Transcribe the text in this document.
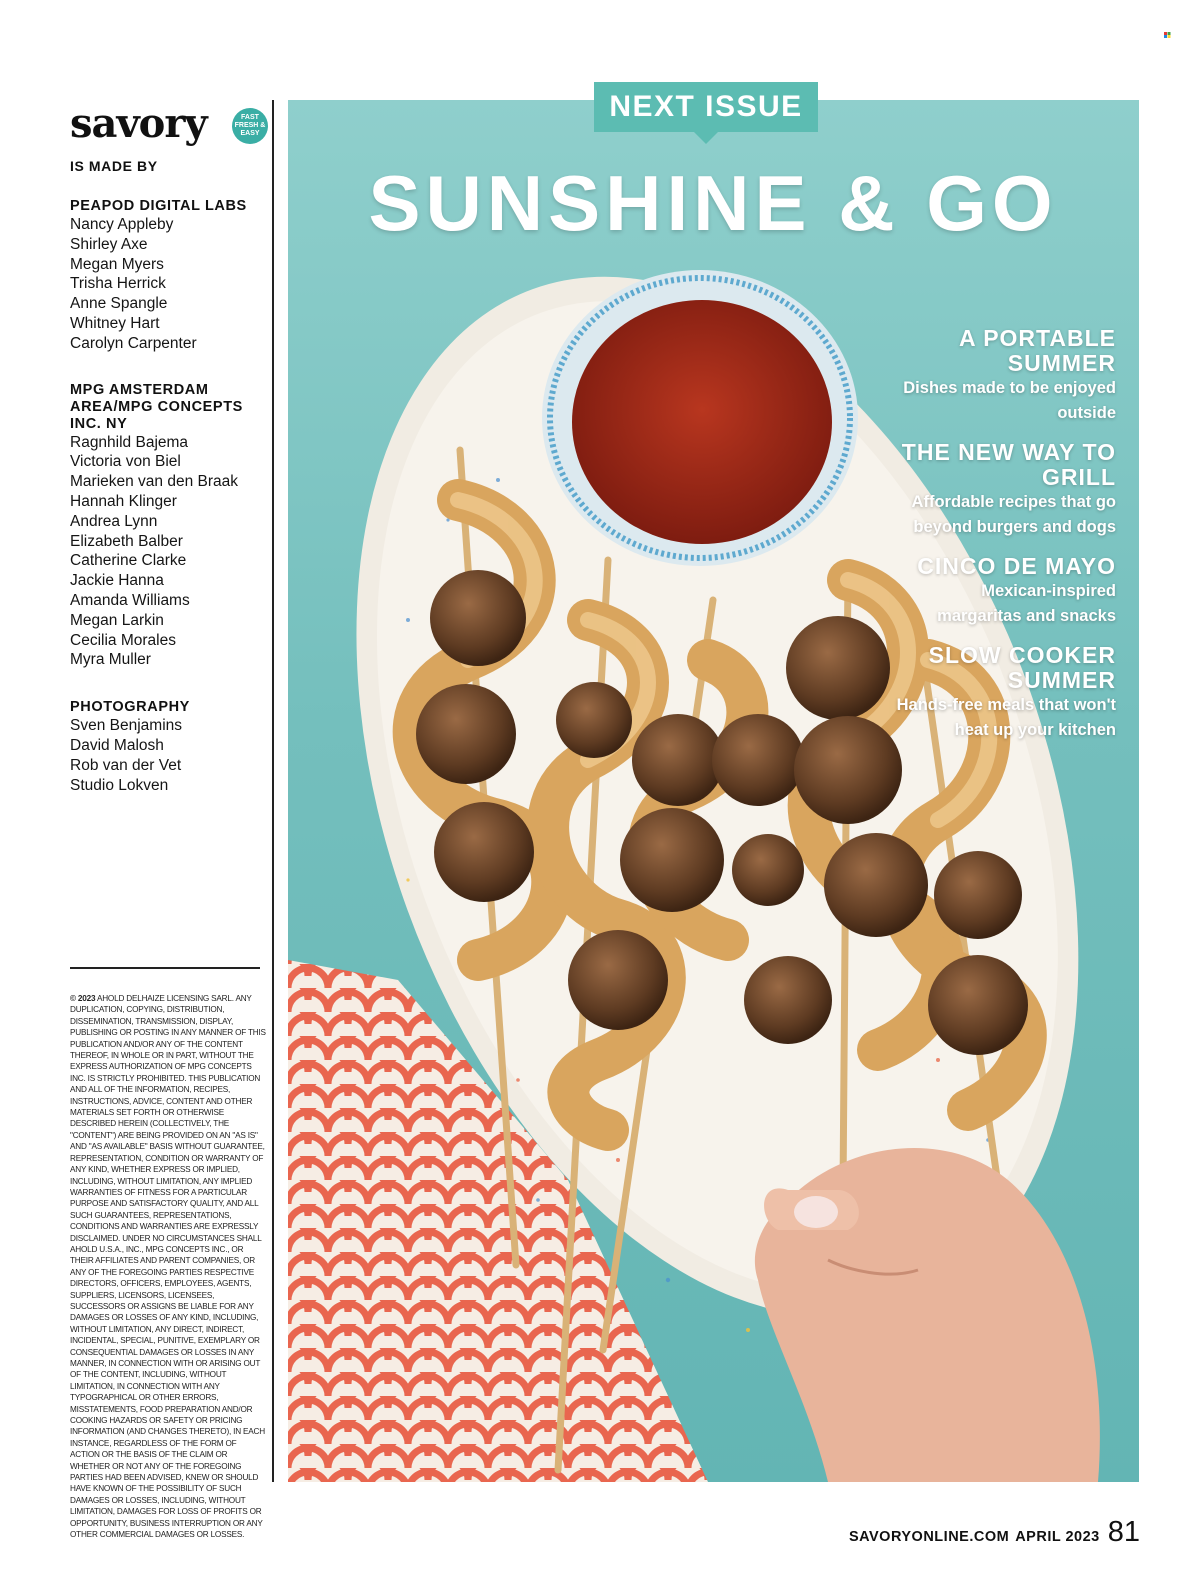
savory	FAST FRESH & EASY
IS MADE BY
PEAPOD DIGITAL LABS
Nancy Appleby
Shirley Axe
Megan Myers
Trisha Herrick
Anne Spangle
Whitney Hart
Carolyn Carpenter
MPG AMSTERDAM AREA/MPG CONCEPTS INC. NY
Ragnhild Bajema
Victoria von Biel
Marieken van den Braak
Hannah Klinger
Andrea Lynn
Elizabeth Balber
Catherine Clarke
Jackie Hanna
Amanda Williams
Megan Larkin
Cecilia Morales
Myra Muller
PHOTOGRAPHY
Sven Benjamins
David Malosh
Rob van der Vet
Studio Lokven
© 2023 AHOLD DELHAIZE LICENSING SARL. ANY DUPLICATION, COPYING, DISTRIBUTION, DISSEMINATION, TRANSMISSION, DISPLAY, PUBLISHING OR POSTING IN ANY MANNER OF THIS PUBLICATION AND/OR ANY OF THE CONTENT THEREOF, IN WHOLE OR IN PART, WITHOUT THE EXPRESS AUTHORIZATION OF MPG CONCEPTS INC. IS STRICTLY PROHIBITED. THIS PUBLICATION AND ALL OF THE INFORMATION, RECIPES, INSTRUCTIONS, ADVICE, CONTENT AND OTHER MATERIALS SET FORTH OR OTHERWISE DESCRIBED HEREIN (COLLECTIVELY, THE "CONTENT") ARE BEING PROVIDED ON AN "AS IS" AND "AS AVAILABLE" BASIS WITHOUT GUARANTEE, REPRESENTATION, CONDITION OR WARRANTY OF ANY KIND, WHETHER EXPRESS OR IMPLIED, INCLUDING, WITHOUT LIMITATION, ANY IMPLIED WARRANTIES OF FITNESS FOR A PARTICULAR PURPOSE AND SATISFACTORY QUALITY, AND ALL SUCH GUARANTEES, REPRESENTATIONS, CONDITIONS AND WARRANTIES ARE EXPRESSLY DISCLAIMED. UNDER NO CIRCUMSTANCES SHALL AHOLD U.S.A., INC., MPG CONCEPTS INC., OR THEIR AFFILIATES AND PARENT COMPANIES, OR ANY OF THE FOREGOING PARTIES RESPECTIVE DIRECTORS, OFFICERS, EMPLOYEES, AGENTS, SUPPLIERS, LICENSORS, LICENSEES, SUCCESSORS OR ASSIGNS BE LIABLE FOR ANY DAMAGES OR LOSSES OF ANY KIND, INCLUDING, WITHOUT LIMITATION, ANY DIRECT, INDIRECT, INCIDENTAL, SPECIAL, PUNITIVE, EXEMPLARY OR CONSEQUENTIAL DAMAGES OR LOSSES IN ANY MANNER, IN CONNECTION WITH OR ARISING OUT OF THE CONTENT, INCLUDING, WITHOUT LIMITATION, IN CONNECTION WITH ANY TYPOGRAPHICAL OR OTHER ERRORS, MISSTATEMENTS, FOOD PREPARATION AND/OR COOKING HAZARDS OR SAFETY OR PRICING INFORMATION (AND CHANGES THERETO), IN EACH INSTANCE, REGARDLESS OF THE FORM OF ACTION OR THE BASIS OF THE CLAIM OR WHETHER OR NOT ANY OF THE FOREGOING PARTIES HAD BEEN ADVISED, KNEW OR SHOULD HAVE KNOWN OF THE POSSIBILITY OF SUCH DAMAGES OR LOSSES, INCLUDING, WITHOUT LIMITATION, DAMAGES FOR LOSS OF PROFITS OR OPPORTUNITY, BUSINESS INTERRUPTION OR ANY OTHER COMMERCIAL DAMAGES OR LOSSES.
NEXT ISSUE
SUNSHINE & GO
A PORTABLE SUMMER
Dishes made to be enjoyed outside
THE NEW WAY TO GRILL
Affordable recipes that go beyond burgers and dogs
CINCO DE MAYO
Mexican-inspired margaritas and snacks
SLOW COOKER SUMMER
Hands-free meals that won't heat up your kitchen
SAVORYONLINE.COM APRIL 2023 81
